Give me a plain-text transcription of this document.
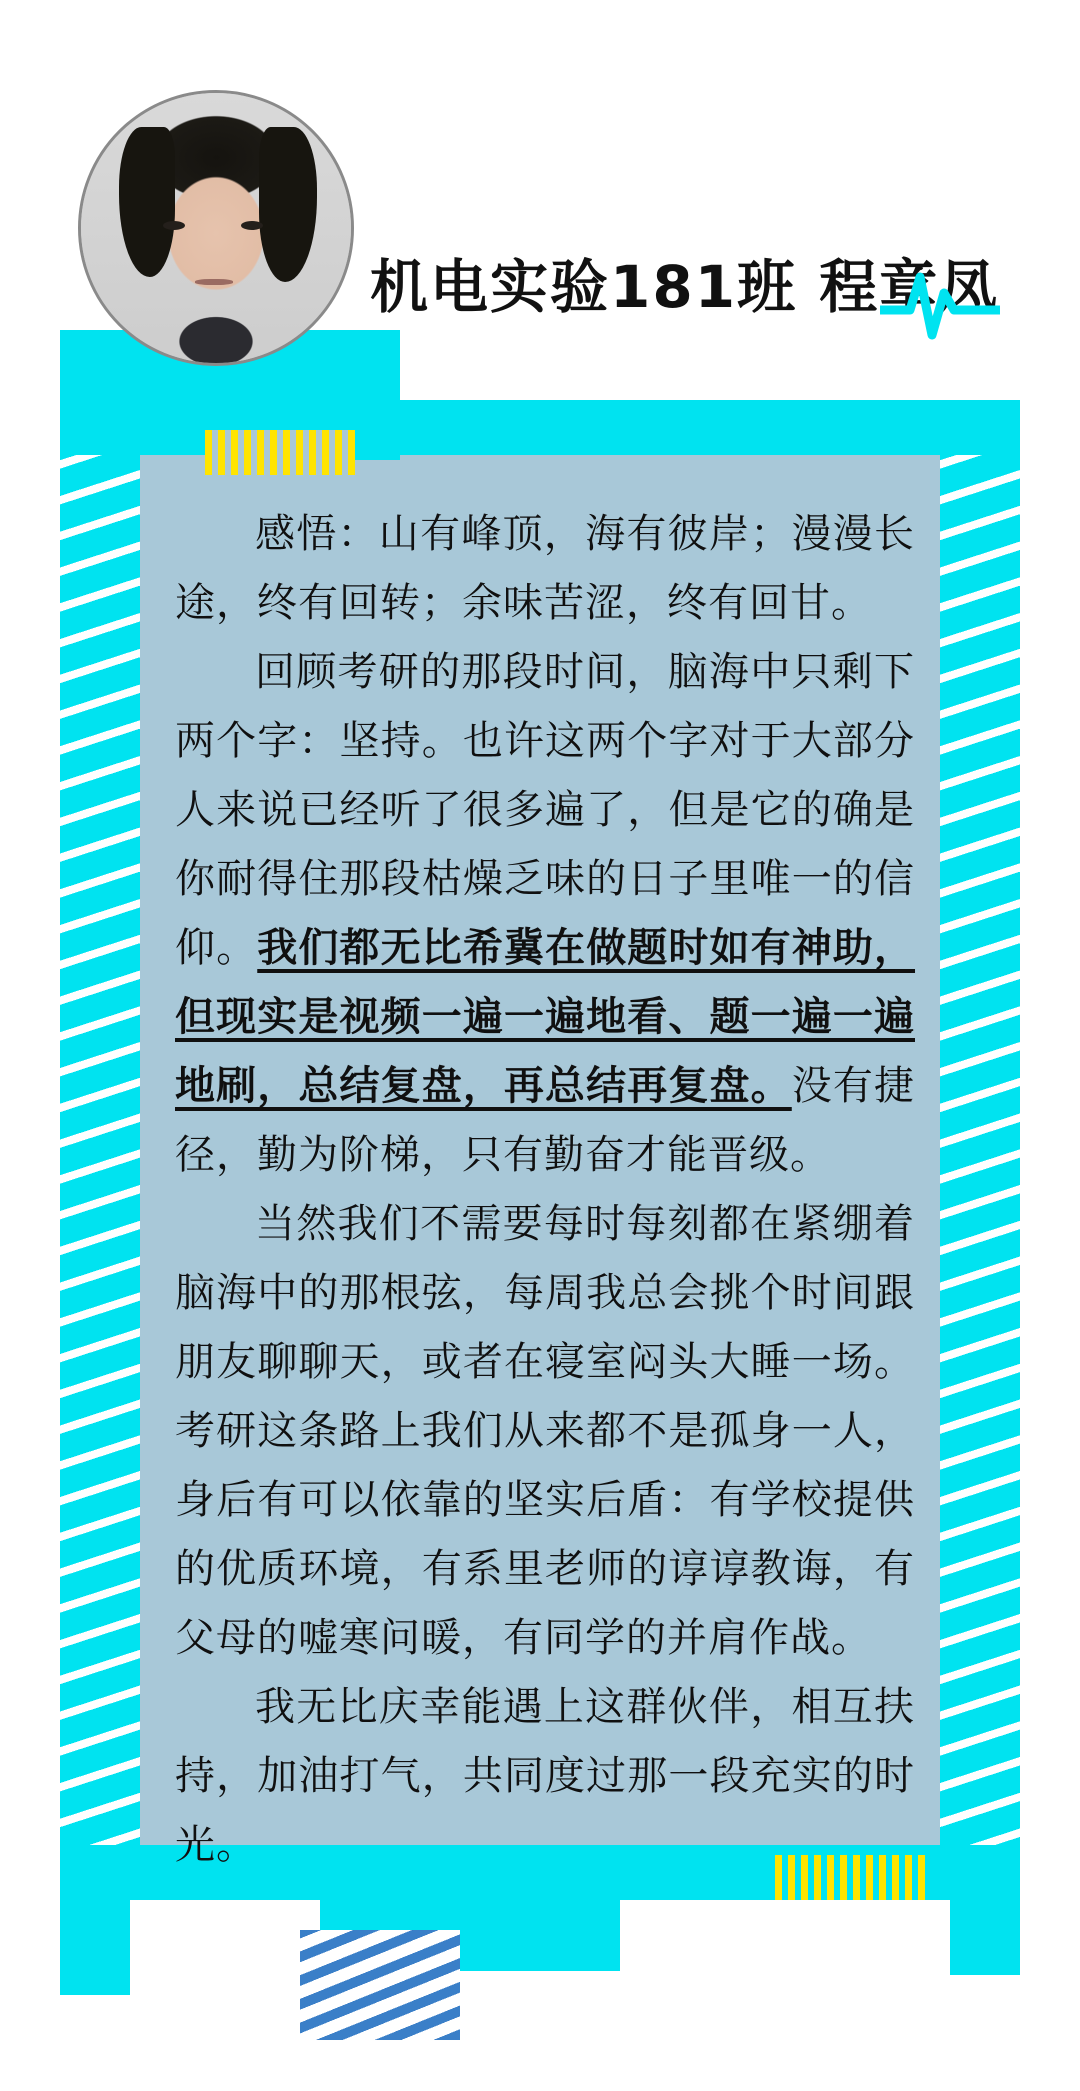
机电实验181班 程章凤

感悟：山有峰顶，海有彼岸；漫漫长途，终有回转；余味苦涩，终有回甘。

回顾考研的那段时间，脑海中只剩下两个字：坚持。也许这两个字对于大部分人来说已经听了很多遍了，但是它的确是你耐得住那段枯燥乏味的日子里唯一的信仰。我们都无比希冀在做题时如有神助，但现实是视频一遍一遍地看、题一遍一遍地刷，总结复盘，再总结再复盘。没有捷径，勤为阶梯，只有勤奋才能晋级。

当然我们不需要每时每刻都在紧绷着脑海中的那根弦，每周我总会挑个时间跟朋友聊聊天，或者在寝室闷头大睡一场。考研这条路上我们从来都不是孤身一人，身后有可以依靠的坚实后盾：有学校提供的优质环境，有系里老师的谆谆教诲，有父母的嘘寒问暖，有同学的并肩作战。

我无比庆幸能遇上这群伙伴，相互扶持，加油打气，共同度过那一段充实的时光。
